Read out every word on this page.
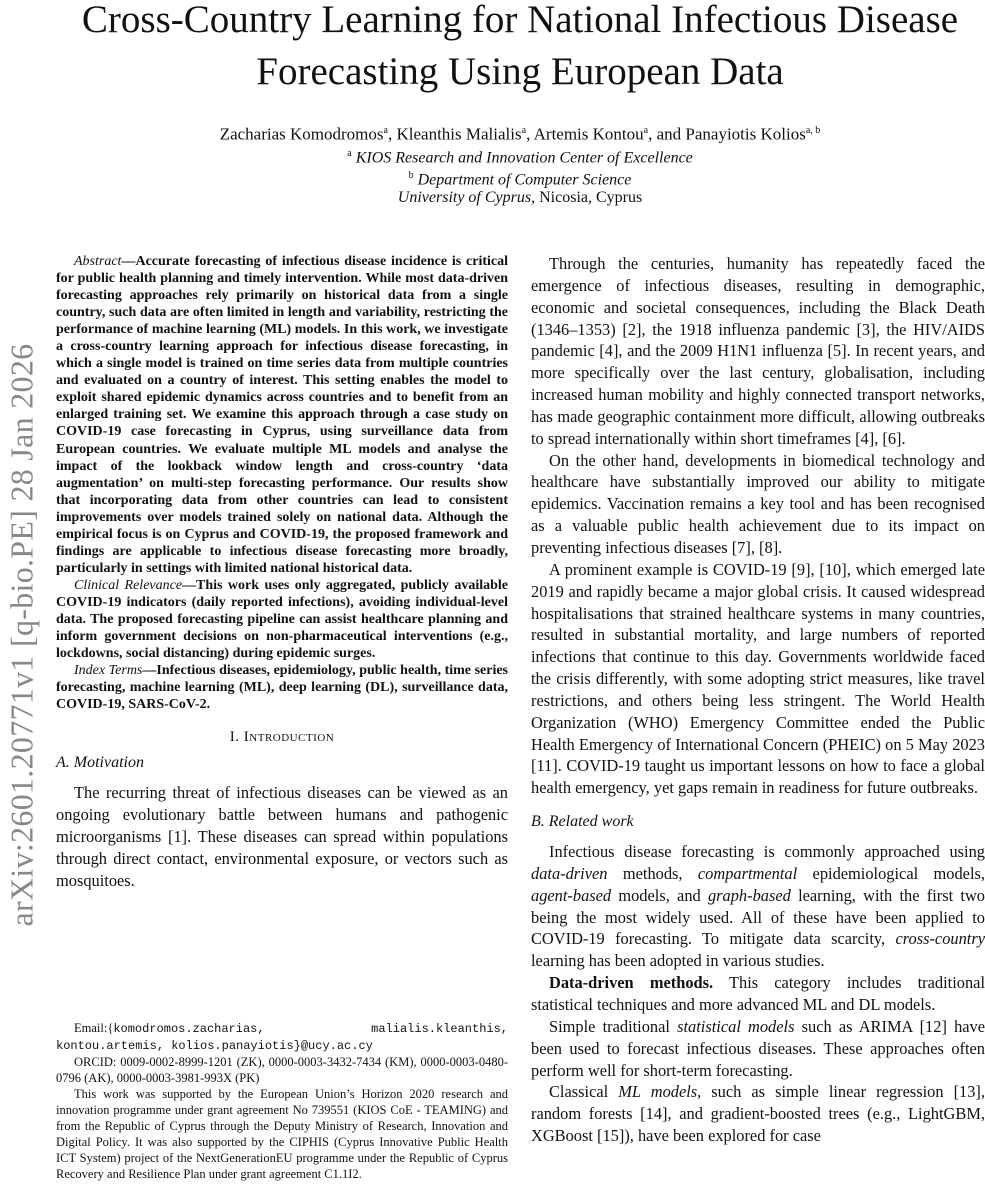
arXiv:2601.20771v1 [q-bio.PE] 28 Jan 2026
Cross-Country Learning for National Infectious Disease Forecasting Using European Data
Zacharias Komodromos$^a$, Kleanthis Malialis$^a$, Artemis Kontou$^a$, and Panayiotis Kolios$^{a, b}$
$^a$ KIOS Research and Innovation Center of Excellence
$^b$ Department of Computer Science
University of Cyprus, Nicosia, Cyprus

Abstract—Accurate forecasting of infectious disease incidence is critical for public health planning and timely intervention. While most data-driven forecasting approaches rely primarily on historical data from a single country, such data are often limited in length and variability, restricting the performance of machine learning (ML) models. In this work, we investigate a cross-country learning approach for infectious disease forecasting, in which a single model is trained on time series data from multiple countries and evaluated on a country of interest. This setting enables the model to exploit shared epidemic dynamics across countries and to benefit from an enlarged training set. We examine this approach through a case study on COVID-19 case forecasting in Cyprus, using surveillance data from European countries. We evaluate multiple ML models and analyse the impact of the lookback window length and cross-country ‘data augmentation’ on multi-step forecasting performance. Our results show that incorporating data from other countries can lead to consistent improvements over models trained solely on national data. Although the empirical focus is on Cyprus and COVID-19, the proposed framework and findings are applicable to infectious disease forecasting more broadly, particularly in settings with limited national historical data.

Clinical Relevance—This work uses only aggregated, publicly available COVID-19 indicators (daily reported infections), avoiding individual-level data. The proposed forecasting pipeline can assist healthcare planning and inform government decisions on non-pharmaceutical interventions (e.g., lockdowns, social distancing) during epidemic surges.

Index Terms—Infectious diseases, epidemiology, public health, time series forecasting, machine learning (ML), deep learning (DL), surveillance data, COVID-19, SARS-CoV-2.

I. Introduction
A. Motivation

The recurring threat of infectious diseases can be viewed as an ongoing evolutionary battle between humans and pathogenic microorganisms [1]. These diseases can spread within populations through direct contact, environmental exposure, or vectors such as mosquitoes.

Email:{komodromos.zacharias, malialis.kleanthis, kontou.artemis, kolios.panayiotis}@ucy.ac.cy

ORCID: 0009-0002-8999-1201 (ZK), 0000-0003-3432-7434 (KM), 0000-0003-0480-0796 (AK), 0000-0003-3981-993X (PK)

This work was supported by the European Union’s Horizon 2020 research and innovation programme under grant agreement No 739551 (KIOS CoE - TEAMING) and from the Republic of Cyprus through the Deputy Ministry of Research, Innovation and Digital Policy. It was also supported by the CIPHIS (Cyprus Innovative Public Health ICT System) project of the NextGenerationEU programme under the Republic of Cyprus Recovery and Resilience Plan under grant agreement C1.1I2.

Through the centuries, humanity has repeatedly faced the emergence of infectious diseases, resulting in demographic, economic and societal consequences, including the Black Death (1346–1353) [2], the 1918 influenza pandemic [3], the HIV/AIDS pandemic [4], and the 2009 H1N1 influenza [5]. In recent years, and more specifically over the last century, globalisation, including increased human mobility and highly connected transport networks, has made geographic containment more difficult, allowing outbreaks to spread internationally within short timeframes [4], [6].

On the other hand, developments in biomedical technology and healthcare have substantially improved our ability to mitigate epidemics. Vaccination remains a key tool and has been recognised as a valuable public health achievement due to its impact on preventing infectious diseases [7], [8].

A prominent example is COVID-19 [9], [10], which emerged late 2019 and rapidly became a major global crisis. It caused widespread hospitalisations that strained healthcare systems in many countries, resulted in substantial mortality, and large numbers of reported infections that continue to this day. Governments worldwide faced the crisis differently, with some adopting strict measures, like travel restrictions, and others being less stringent. The World Health Organization (WHO) Emergency Committee ended the Public Health Emergency of International Concern (PHEIC) on 5 May 2023 [11]. COVID-19 taught us important lessons on how to face a global health emergency, yet gaps remain in readiness for future outbreaks.

B. Related work

Infectious disease forecasting is commonly approached using data-driven methods, compartmental epidemiological models, agent-based models, and graph-based learning, with the first two being the most widely used. All of these have been applied to COVID-19 forecasting. To mitigate data scarcity, cross-country learning has been adopted in various studies.

Data-driven methods. This category includes traditional statistical techniques and more advanced ML and DL models.

Simple traditional statistical models such as ARIMA [12] have been used to forecast infectious diseases. These approaches often perform well for short-term forecasting.

Classical ML models, such as simple linear regression [13], random forests [14], and gradient-boosted trees (e.g., LightGBM, XGBoost [15]), have been explored for case
